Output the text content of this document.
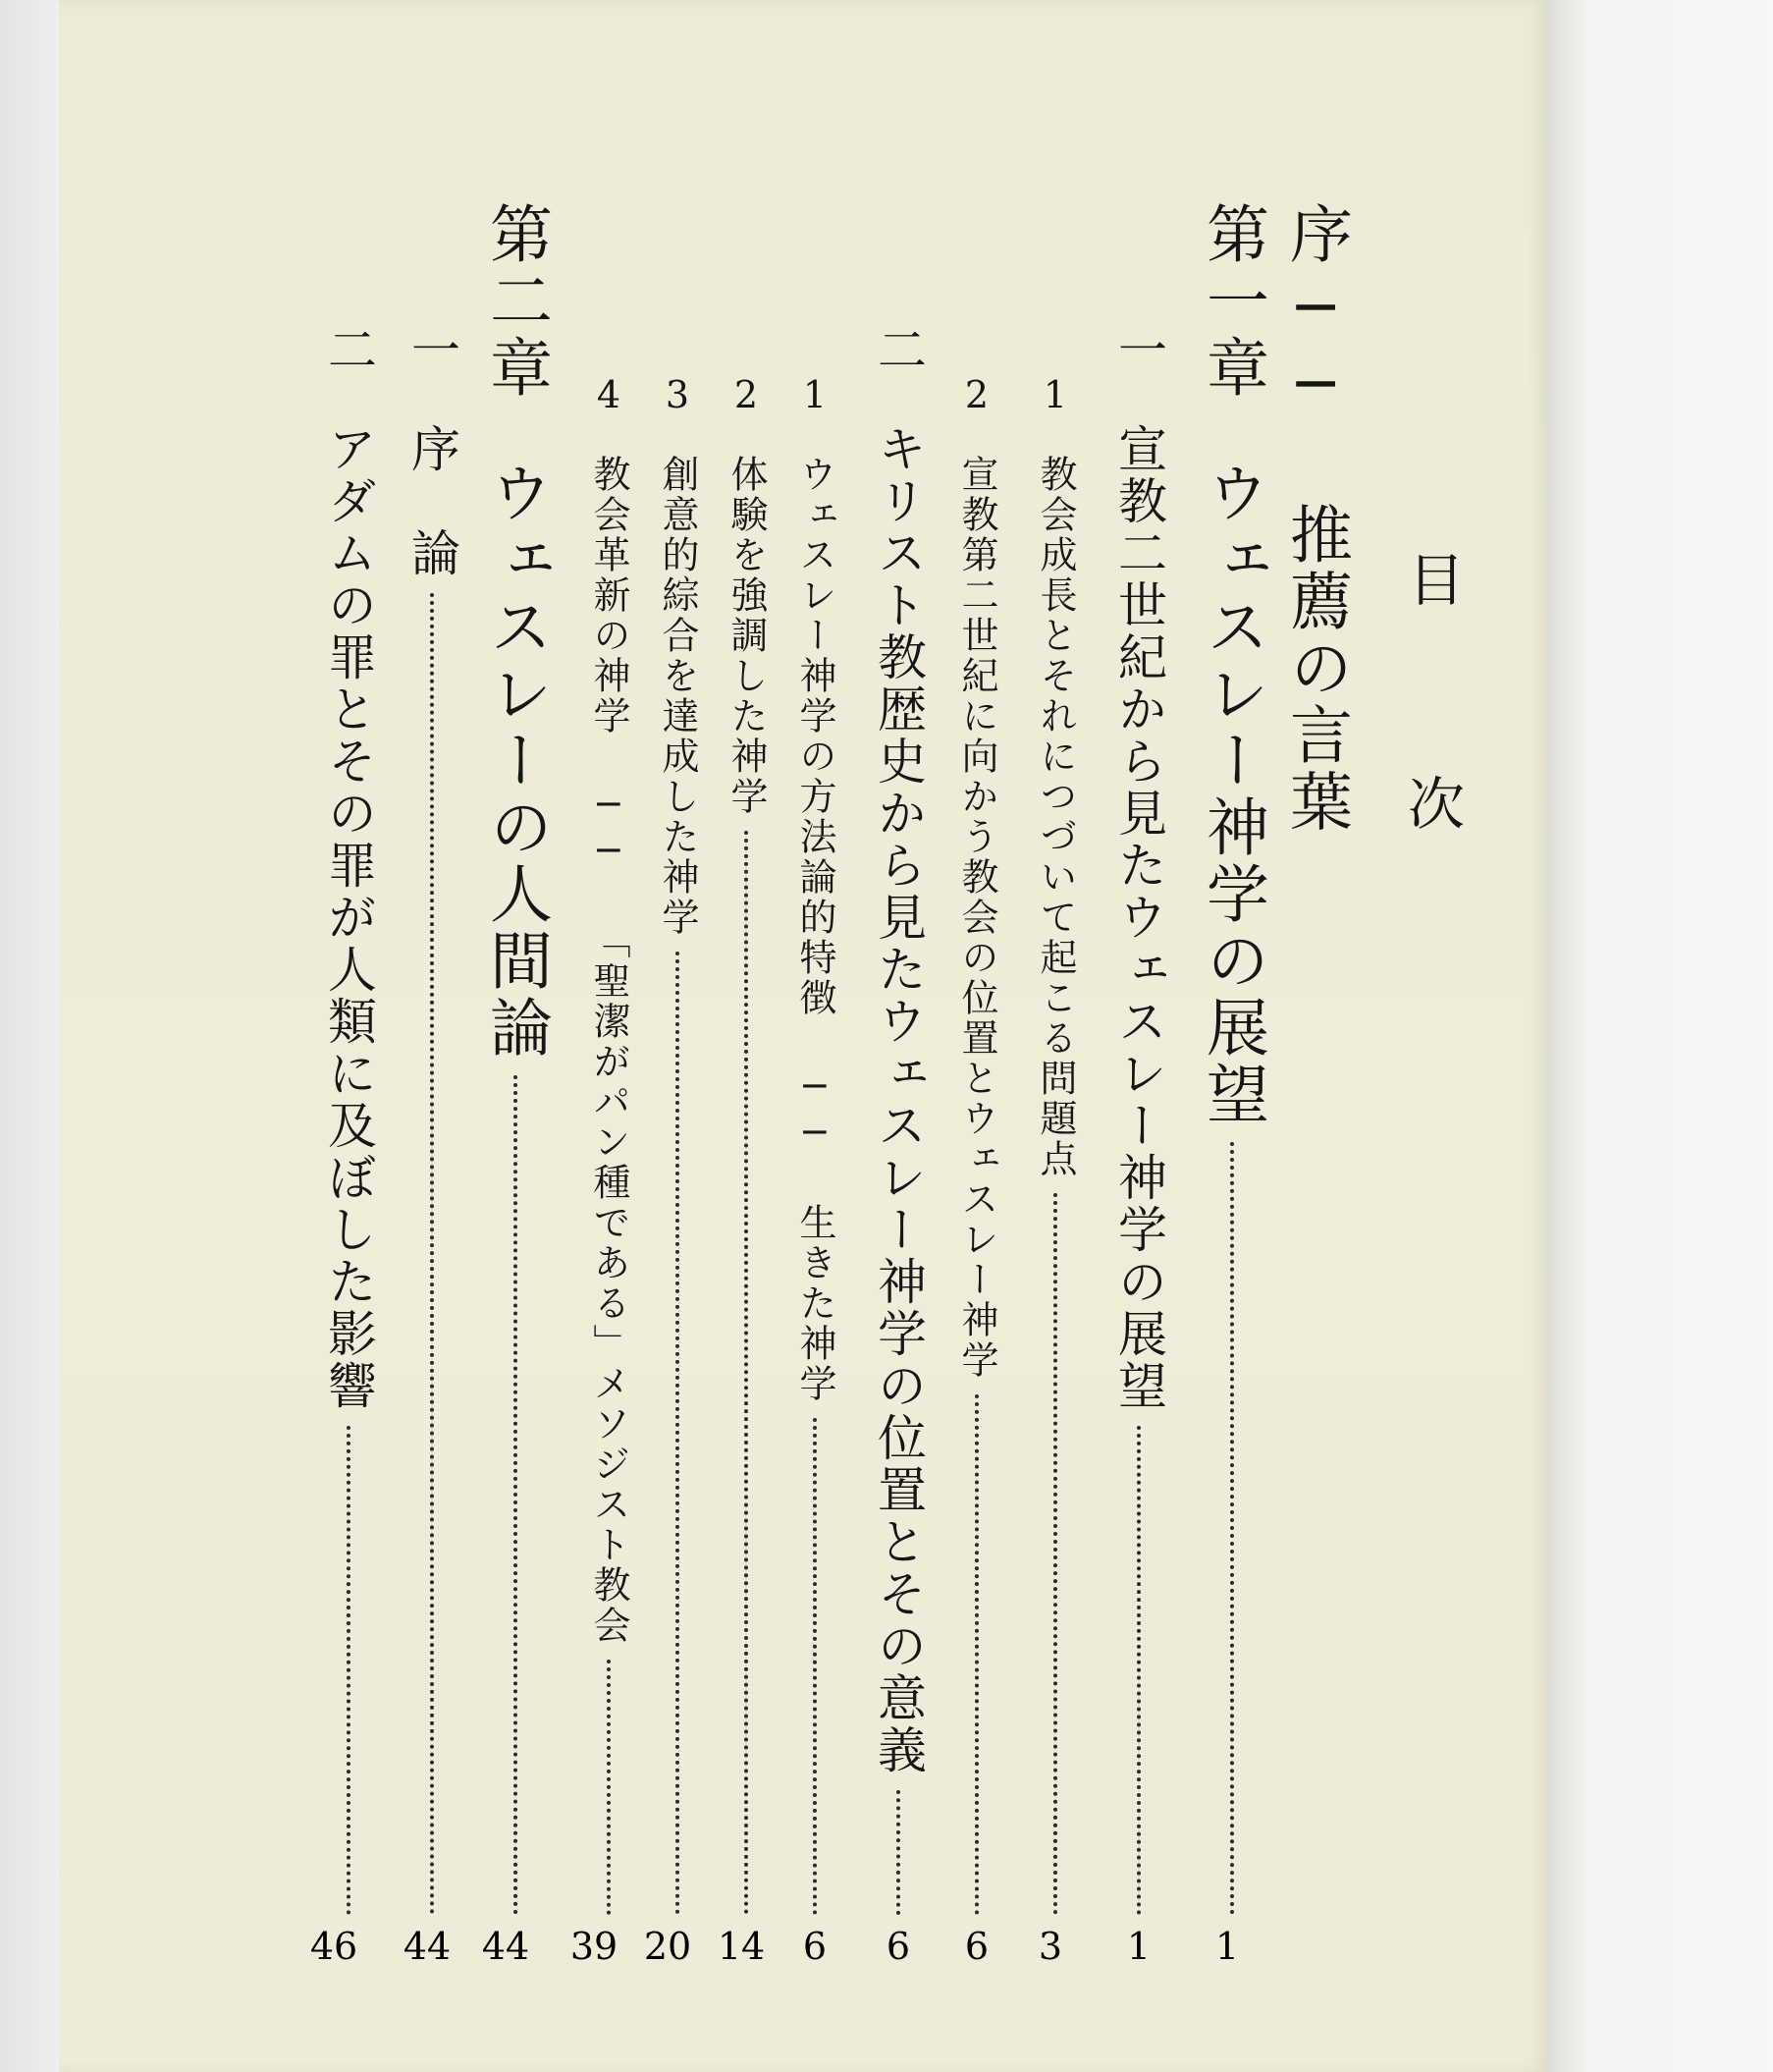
目
次
序
── 推薦の言葉
第一章
ウェスレー神学の展望
一
宣教二世紀から見たウェスレー神学の展望
1
教会成長とそれにつづいて起こる問題点
2
宣教第二世紀に向かう教会の位置とウェスレー神学
二
キリスト教歴史から見たウェスレー神学の位置とその意義
1
ウェスレー神学の方法論的特徴 ── 生きた神学
2
体験を強調した神学
3
創意的綜合を達成した神学
4
教会革新の神学 ── 「聖潔がパン種である」メソジスト教会
第二章
ウェスレーの人間論
一
序　論
二
アダムの罪とその罪が人類に及ぼした影響
1
1
3
6
6
6
14
20
39
44
44
46
